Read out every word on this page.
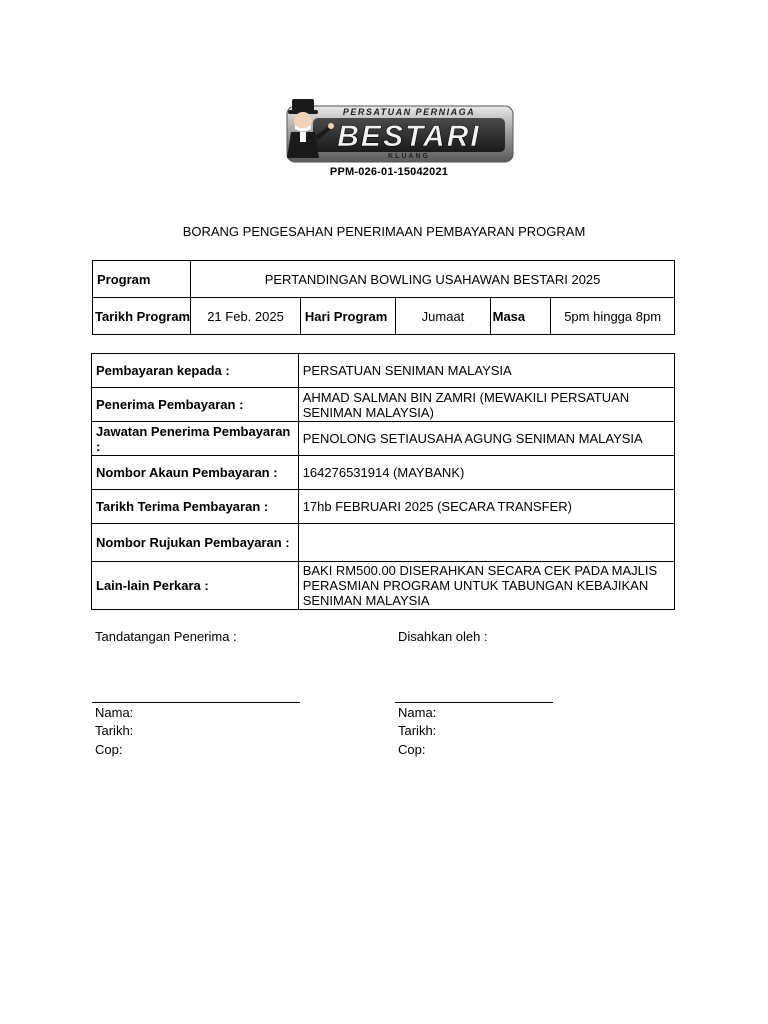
PERSATUAN PERNIAGA
BESTARI
KLUANG
PPM-026-01-15042021
BORANG PENGESAHAN PENERIMAAN PEMBAYARAN PROGRAM
Program	PERTANDINGAN BOWLING USAHAWAN BESTARI 2025				
Tarikh Program	21 Feb. 2025	Hari Program	Jumaat	Masa	5pm hingga 8pm
Pembayaran kepada :	PERSATUAN SENIMAN MALAYSIA
Penerima Pembayaran :	AHMAD SALMAN BIN ZAMRI (MEWAKILI PERSATUAN SENIMAN MALAYSIA)
Jawatan Penerima Pembayaran :	PENOLONG SETIAUSAHA AGUNG SENIMAN MALAYSIA
Nombor Akaun Pembayaran :	164276531914 (MAYBANK)
Tarikh Terima Pembayaran :	17hb FEBRUARI 2025 (SECARA TRANSFER)
Nombor Rujukan Pembayaran :	
Lain-lain Perkara :	BAKI RM500.00 DISERAHKAN SECARA CEK PADA MAJLIS PERASMIAN PROGRAM UNTUK TABUNGAN KEBAJIKAN SENIMAN MALAYSIA
Tandatangan Penerima :	Disahkan oleh :
Nama:
Tarikh:
Cop:
Nama:
Tarikh:
Cop:
